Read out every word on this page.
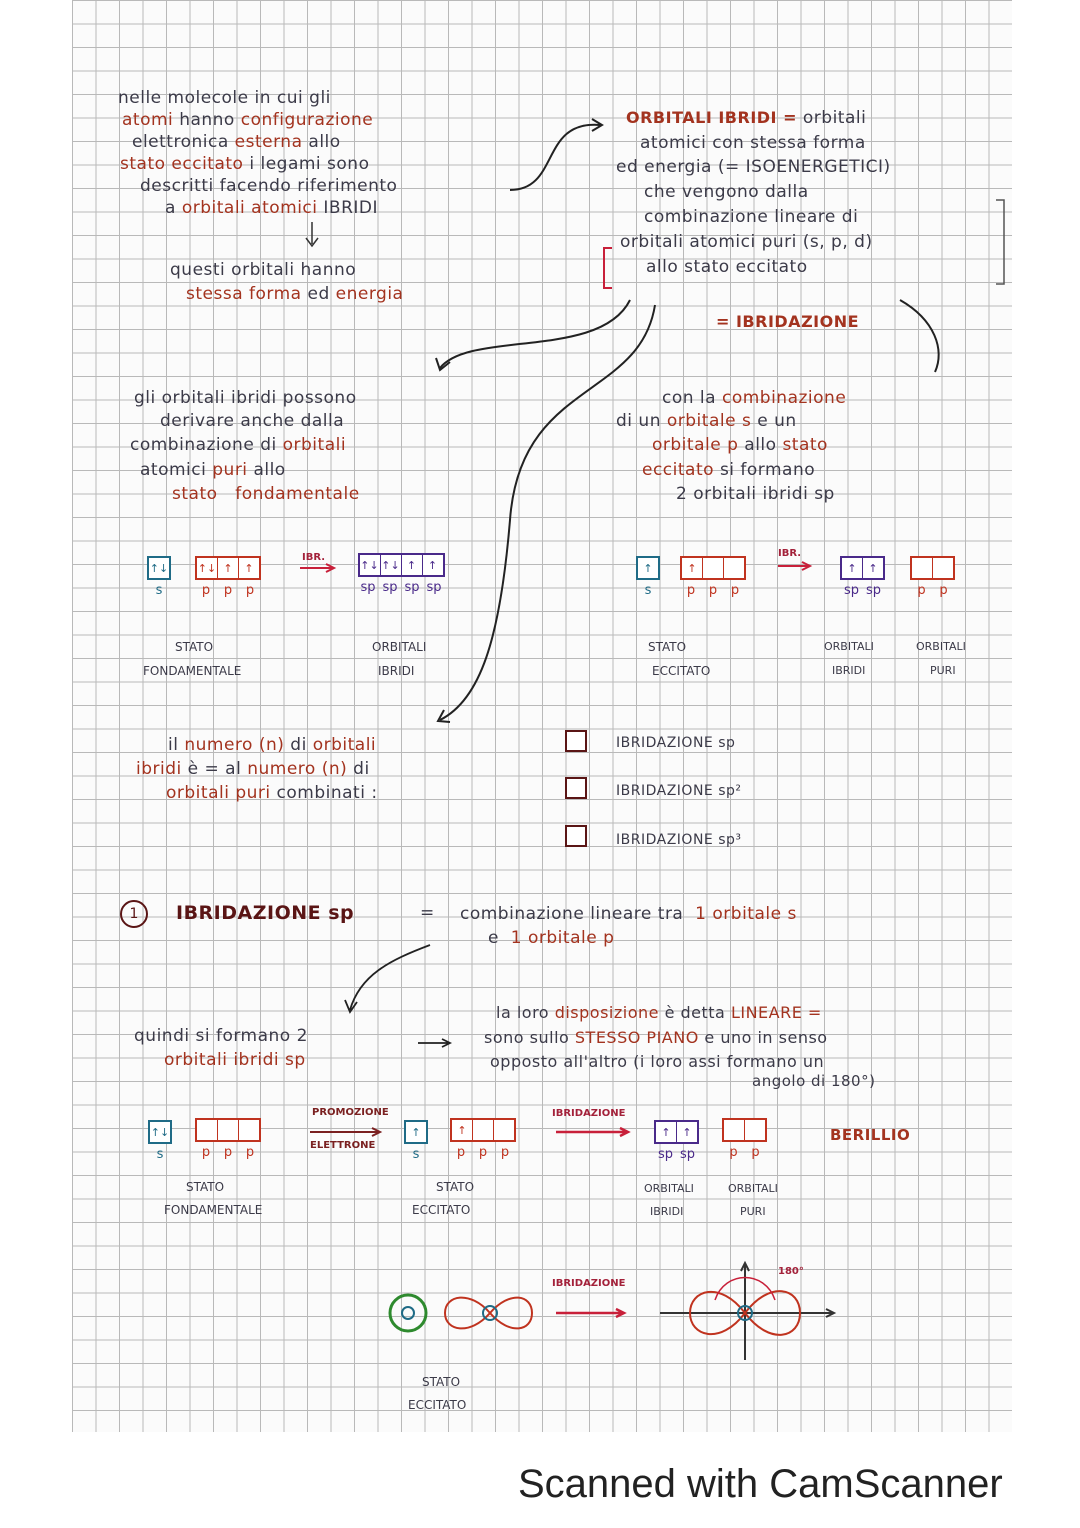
nelle molecole in cui gli
atomi hanno configurazione
elettronica esterna allo
stato eccitato i legami sono
descritti facendo riferimento
a orbitali atomici IBRIDI
questi orbitali hanno
stessa forma ed energia
ORBITALI IBRIDI = orbitali
atomici con stessa forma
ed energia (= ISOENERGETICI)
che vengono dalla
combinazione lineare di
orbitali atomici puri (s, p, d)
allo stato eccitato
= IBRIDAZIONE
gli orbitali ibridi possono
derivare anche dalla
combinazione di orbitali
atomici puri allo
stato fondamentale
con la combinazione
di un orbitale s e un
orbitale p allo stato
eccitato si formano
2 orbitali ibridi sp
↑↓
s
↑↓ ↑	↑
p	p	p
IBR.
↑↓ ↑↓ ↑	↑
sp sp sp sp
STATO
FONDAMENTALE
ORBITALI
IBRIDI
↑
s
↑
p	p	p
IBR.
↑	↑
sp sp	p	p
STATO
ECCITATO
ORBITALI
IBRIDI
ORBITALI
PURI
il numero (n) di orbitali
ibridi è = al numero (n) di
orbitali puri combinati :
IBRIDAZIONE sp
IBRIDAZIONE sp²
IBRIDAZIONE sp³
1	IBRIDAZIONE sp	= combinazione lineare tra 1 orbitale s
e 1 orbitale p
quindi si formano 2
orbitali ibridi sp
la loro disposizione è detta LINEARE =
sono sullo STESSO PIANO e uno in senso
opposto all'altro (i loro assi formano un
angolo di 180°)
↑↓
s	p	p	p
PROMOZIONE
ELETTRONE
↑
s
↑
p	p	p
IBRIDAZIONE
↑	↑
sp sp	p	p
BERILLIO
STATO
FONDAMENTALE
STATO
ECCITATO
ORBITALI
IBRIDI
ORBITALI
PURI
IBRIDAZIONE
180°
STATO
ECCITATO
Scanned with CamScanner
